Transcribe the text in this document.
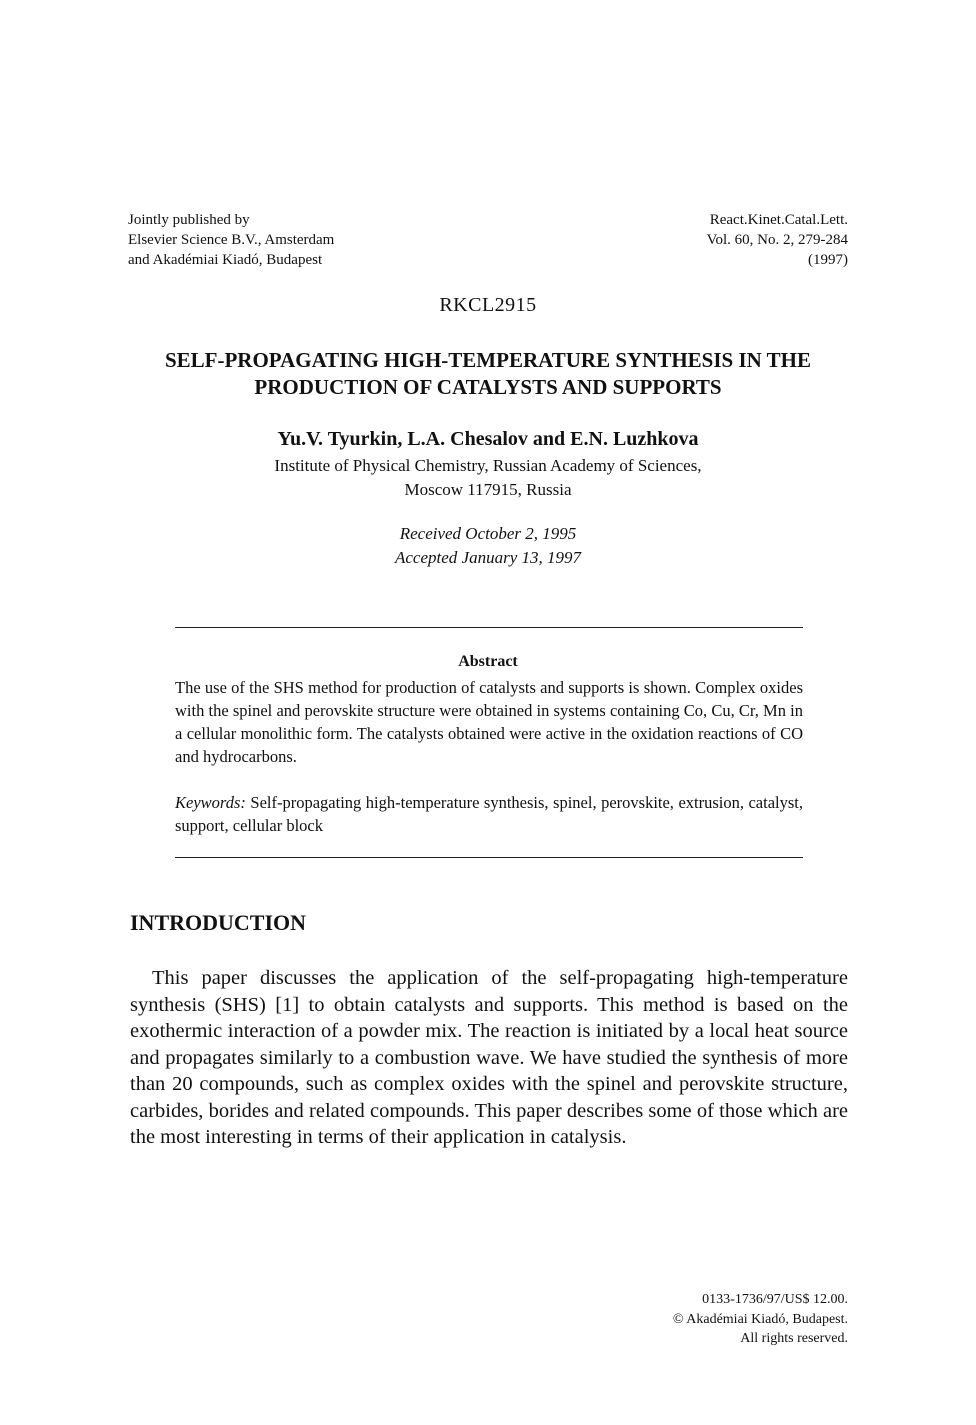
Jointly published by
Elsevier Science B.V., Amsterdam
and Akadémiai Kiadó, Budapest
React.Kinet.Catal.Lett.
Vol. 60, No. 2, 279-284
(1997)
RKCL2915
SELF-PROPAGATING HIGH-TEMPERATURE SYNTHESIS IN THE
PRODUCTION OF CATALYSTS AND SUPPORTS
Yu.V. Tyurkin, L.A. Chesalov and E.N. Luzhkova
Institute of Physical Chemistry, Russian Academy of Sciences,
Moscow 117915, Russia
Received October 2, 1995
Accepted January 13, 1997
Abstract
The use of the SHS method for production of catalysts and supports is shown. Complex oxides with the spinel and perovskite structure were obtained in systems containing Co, Cu, Cr, Mn in a cellular monolithic form. The catalysts obtained were active in the oxidation reactions of CO and hydrocarbons.
Keywords: Self-propagating high-temperature synthesis, spinel, perovskite, extrusion, catalyst, support, cellular block
INTRODUCTION
This paper discusses the application of the self-propagating high-temperature synthesis (SHS) [1] to obtain catalysts and supports. This method is based on the exothermic interaction of a powder mix. The reaction is initiated by a local heat source and propagates similarly to a combustion wave. We have studied the synthesis of more than 20 compounds, such as complex oxides with the spinel and perovskite structure, carbides, borides and related compounds. This paper describes some of those which are the most interesting in terms of their application in catalysis.
0133-1736/97/US$ 12.00.
© Akadémiai Kiadó, Budapest.
All rights reserved.
